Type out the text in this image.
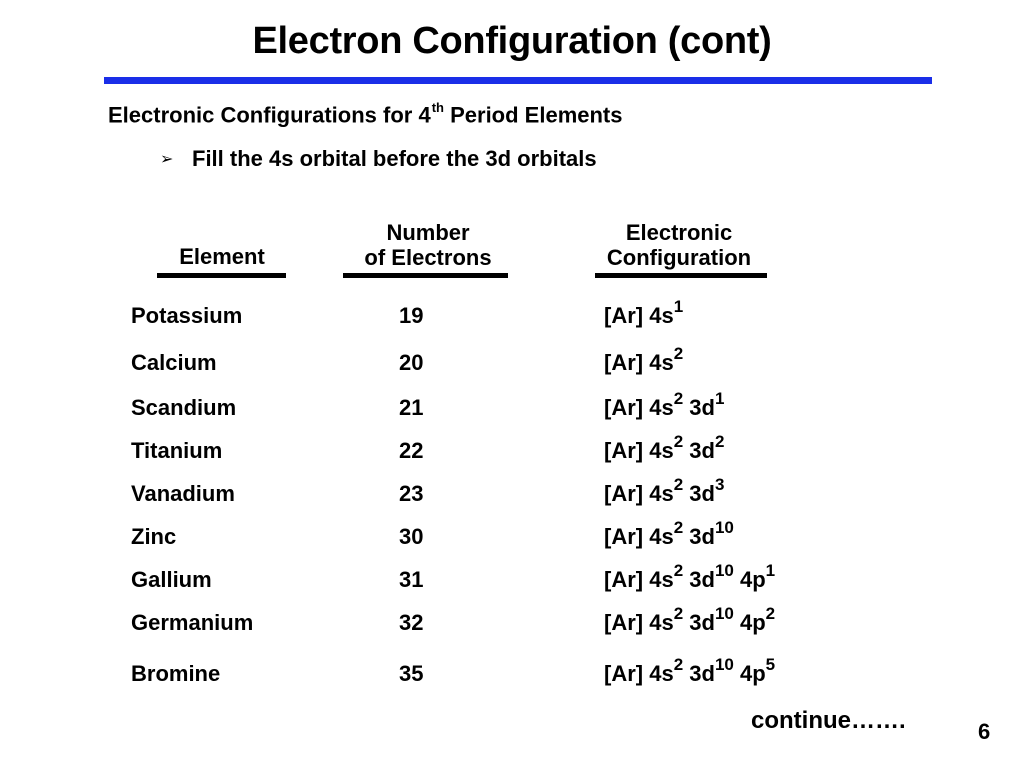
Electron Configuration (cont)
Electronic Configurations for 4th Period Elements
➢ Fill the 4s orbital before the 3d orbitals
Element
Number
of Electrons
Electronic
Configuration
Potassium	19	[Ar] $4s^1$
Calcium	20	[Ar] $4s^2$
Scandium	21	[Ar] $4s^2$ $3d^1$
Titanium	22	[Ar] $4s^2$ $3d^2$
Vanadium	23	[Ar] $4s^2$ $3d^3$
Zinc	30	[Ar] $4s^2$ $3d^{10}$
Gallium	31	[Ar] $4s^2$ $3d^{10}$ $4p^1$
Germanium	32	[Ar] $4s^2$ $3d^{10}$ $4p^2$
Bromine	35	[Ar] $4s^2$ $3d^{10}$ $4p^5$
continue…….	6
